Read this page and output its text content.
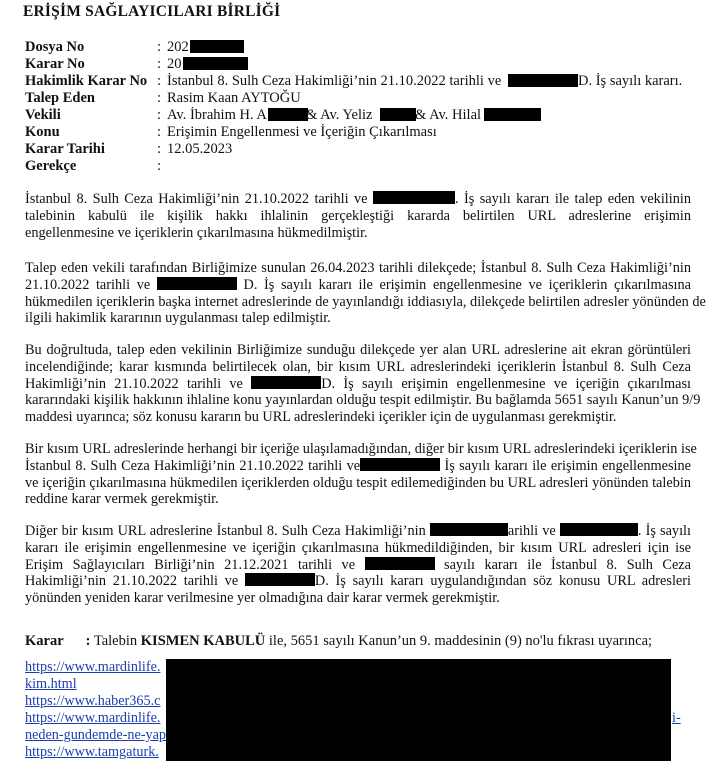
ERİŞİM SAĞLAYICILARI BİRLİĞİ
Dosya No	: 202
Karar No	: 20
Hakimlik Karar No : İstanbul 8. Sulh Ceza Hakimliği’nin 21.10.2022 tarihli ve	D. İş sayılı kararı.
Talep Eden	: Rasim Kaan AYTOĞU
Vekili	: Av. İbrahim H. A	& Av. Yeliz	& Av. Hilal
Konu	: Erişimin Engellenmesi ve İçeriğin Çıkarılması
Karar Tarihi	: 12.05.2023
Gerekçe	:
İstanbul 8. Sulh Ceza Hakimliği’nin 21.10.2022 tarihli ve	. İş sayılı kararı ile talep eden vekilinin
talebinin kabulü ile kişilik hakkı ihlalinin gerçekleştiği kararda belirtilen URL adreslerine erişimin
engellenmesine ve içeriklerin çıkarılmasına hükmedilmiştir.
Talep eden vekili tarafından Birliğimize sunulan 26.04.2023 tarihli dilekçede; İstanbul 8. Sulh Ceza Hakimliği’nin
21.10.2022 tarihli ve	D. İş sayılı kararı ile erişimin engellenmesine ve içeriklerin çıkarılmasına
hükmedilen içeriklerin başka internet adreslerinde de yayınlandığı iddiasıyla, dilekçede belirtilen adresler yönünden de
ilgili hakimlik kararının uygulanması talep edilmiştir.
Bu doğrultuda, talep eden vekilinin Birliğimize sunduğu dilekçede yer alan URL adreslerine ait ekran görüntüleri
incelendiğinde; karar kısmında belirtilecek olan, bir kısım URL adreslerindeki içeriklerin İstanbul 8. Sulh Ceza
Hakimliği’nin 21.10.2022 tarihli ve	D. İş sayılı erişimin engellenmesine ve içeriğin çıkarılması
kararındaki kişilik hakkının ihlaline konu yayınlardan olduğu tespit edilmiştir. Bu bağlamda 5651 sayılı Kanun’un 9/9
maddesi uyarınca; söz konusu kararın bu URL adreslerindeki içerikler için de uygulanması gerekmiştir.
Bir kısım URL adreslerinde herhangi bir içeriğe ulaşılamadığından, diğer bir kısım URL adreslerindeki içeriklerin ise
İstanbul 8. Sulh Ceza Hakimliği’nin 21.10.2022 tarihli ve	İş sayılı kararı ile erişimin engellenmesine
ve içeriğin çıkarılmasına hükmedilen içeriklerden olduğu tespit edilemediğinden bu URL adresleri yönünden talebin
reddine karar vermek gerekmiştir.
Diğer bir kısım URL adreslerine İstanbul 8. Sulh Ceza Hakimliği’nin	arihli ve	. İş sayılı
kararı ile erişimin engellenmesine ve içeriğin çıkarılmasına hükmedildiğinden, bir kısım URL adresleri için ise
Erişim Sağlayıcıları Birliği’nin 21.12.2021 tarihli ve	sayılı kararı ile İstanbul 8. Sulh Ceza
Hakimliği’nin 21.10.2022 tarihli ve	D. İş sayılı kararı uygulandığından söz konusu URL adresleri
yönünden yeniden karar verilmesine yer olmadığına dair karar vermek gerekmiştir.
Karar : Talebin KISMEN KABULÜ ile, 5651 sayılı Kanun’un 9. maddesinin (9) no'lu fıkrası uyarınca;
https://www.mardinlife.
kim.html
https://www.haber365.c
https://www.mardinlife.
neden-gundemde-ne-yap
https://www.tamgaturk.
i-
